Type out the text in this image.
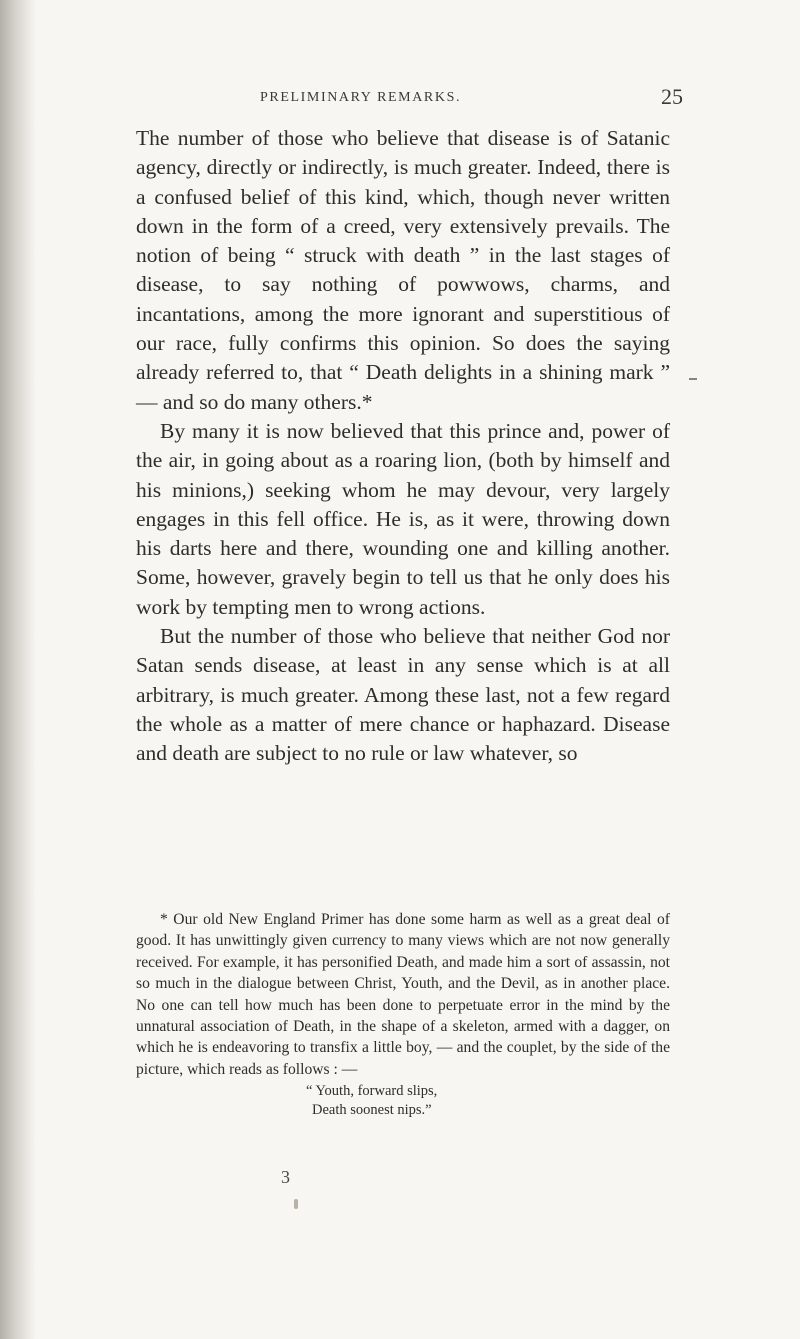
PRELIMINARY REMARKS.	25

The number of those who believe that disease is of Satanic agency, directly or indirectly, is much greater. Indeed, there is a confused belief of this kind, which, though never written down in the form of a creed, very extensively prevails. The notion of being “ struck with death ” in the last stages of disease, to say nothing of powwows, charms, and incantations, among the more ignorant and superstitious of our race, fully confirms this opinion. So does the saying already referred to, that “ Death delights in a shining mark ” — and so do many others.*

By many it is now believed that this prince and, power of the air, in going about as a roaring lion, (both by himself and his minions,) seeking whom he may devour, very largely engages in this fell office. He is, as it were, throwing down his darts here and there, wounding one and killing another. Some, however, gravely begin to tell us that he only does his work by tempting men to wrong actions.

But the number of those who believe that neither God nor Satan sends disease, at least in any sense which is at all arbitrary, is much greater. Among these last, not a few regard the whole as a matter of mere chance or haphazard. Disease and death are subject to no rule or law whatever, so

* Our old New England Primer has done some harm as well as a great deal of good. It has unwittingly given currency to many views which are not now generally received. For example, it has personified Death, and made him a sort of assassin, not so much in the dialogue between Christ, Youth, and the Devil, as in another place. No one can tell how much has been done to perpetuate error in the mind by the unnatural association of Death, in the shape of a skeleton, armed with a dagger, on which he is endeavoring to transfix a little boy, — and the couplet, by the side of the picture, which reads as follows : —

“ Youth, forward slips,
Death soonest nips.”
3
